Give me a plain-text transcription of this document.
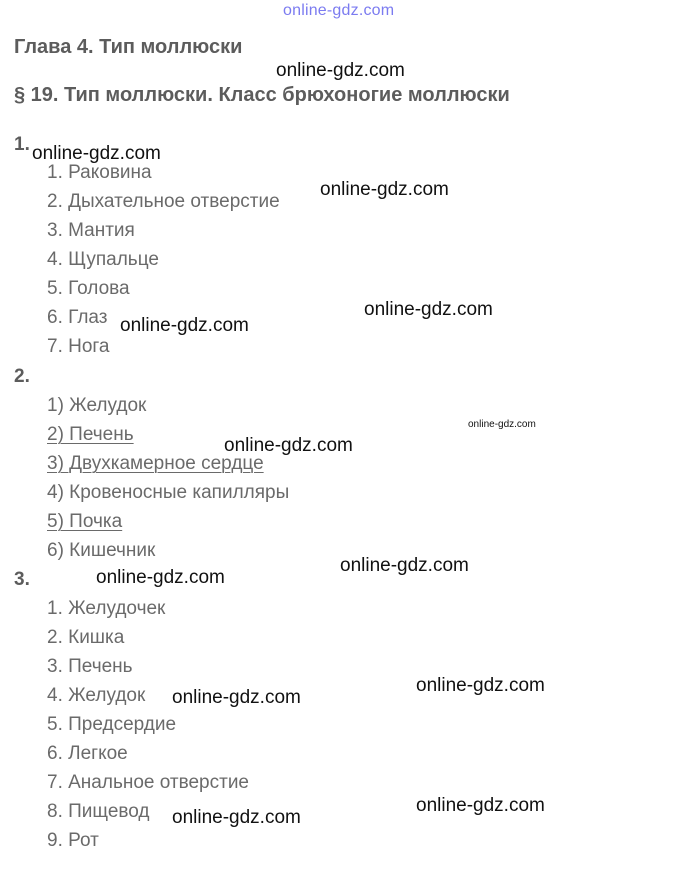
online-gdz.com
Глава 4. Тип моллюски
§ 19. Тип моллюски. Класс брюхоногие моллюски
1.
1. Раковина
2. Дыхательное отверстие
3. Мантия
4. Щупальце
5. Голова
6. Глаз
7. Нога
2.
1) Желудок
2) Печень
3) Двухкамерное сердце
4) Кровеносные капилляры
5) Почка
6) Кишечник
3.
1. Желудочек
2. Кишка
3. Печень
4. Желудок
5. Предсердие
6. Легкое
7. Анальное отверстие
8. Пищевод
9. Рот
online-gdz.com
online-gdz.com
online-gdz.com
online-gdz.com
online-gdz.com
online-gdz.com
online-gdz.com
online-gdz.com
online-gdz.com
online-gdz.com
online-gdz.com
online-gdz.com
online-gdz.com
